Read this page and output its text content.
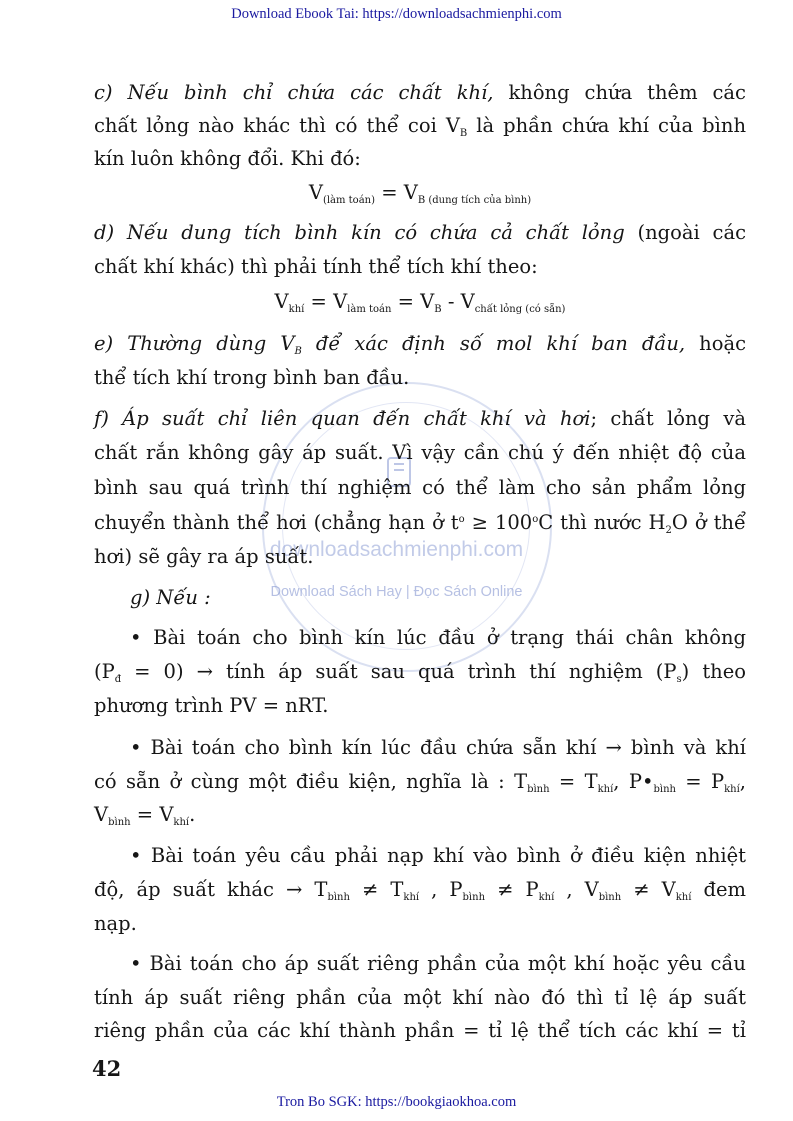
Download Ebook Tai: https://downloadsachmienphi.com
downloadsachmienphi.com
Download Sách Hay | Đọc Sách Online
c) Nếu bình chỉ chứa các chất khí, không chứa thêm các
chất lỏng nào khác thì có thể coi $V_B$ là phần chứa khí của bình
kín luôn không đổi. Khi đó:
$V_{(làm toán)} = V_{B (dung tích của bình)}$
d) Nếu dung tích bình kín có chứa cả chất lỏng (ngoài các
chất khí khác) thì phải tính thể tích khí theo:
$V_{khí} = V_{làm toán} = V_B - V_{chất lỏng (có sẵn)}$
e) Thường dùng $V_B$ để xác định số mol khí ban đầu, hoặc
thể tích khí trong bình ban đầu.
f) Áp suất chỉ liên quan đến chất khí và hơi; chất lỏng và
chất rắn không gây áp suất. Vì vậy cần chú ý đến nhiệt độ của
bình sau quá trình thí nghiệm có thể làm cho sản phẩm lỏng
chuyển thành thể hơi (chẳng hạn ở $t^o \ge 100^oC$ thì nước $H_2O$ ở thể
hơi) sẽ gây ra áp suất.
g) Nếu :
• Bài toán cho bình kín lúc đầu ở trạng thái chân không
$(P_đ = 0)$ → tính áp suất sau quá trình thí nghiệm $(P_s)$ theo
phương trình PV = nRT.
• Bài toán cho bình kín lúc đầu chứa sẵn khí → bình và khí
có sẵn ở cùng một điều kiện, nghĩa là : $T_{bình} = T_{khí}$, $P•_{bình} = P_{khí}$,
$V_{bình} = V_{khí}$.
• Bài toán yêu cầu phải nạp khí vào bình ở điều kiện nhiệt
độ, áp suất khác → $T_{bình} \ne T_{khí}$ , $P_{bình} \ne P_{khí}$ , $V_{bình} \ne V_{khí}$ đem
nạp.
• Bài toán cho áp suất riêng phần của một khí hoặc yêu cầu
tính áp suất riêng phần của một khí nào đó thì tỉ lệ áp suất
riêng phần của các khí thành phần = tỉ lệ thể tích các khí = tỉ
42
Tron Bo SGK: https://bookgiaokhoa.com
